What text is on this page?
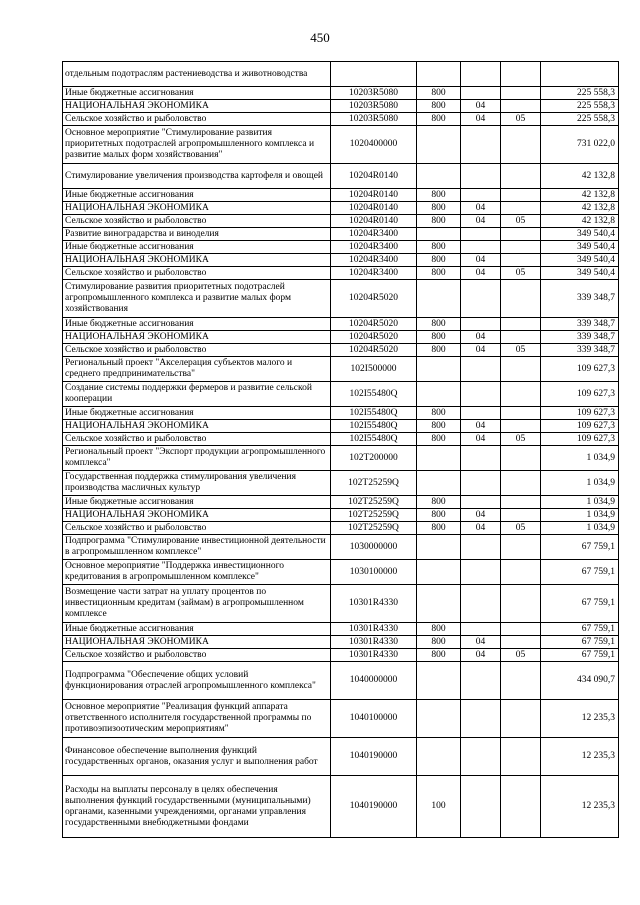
450
отдельным подотраслям растениеводства и животноводства					
Иные бюджетные ассигнования	10203R5080	800			225 558,3
НАЦИОНАЛЬНАЯ ЭКОНОМИКА	10203R5080	800	04		225 558,3
Сельское хозяйство и рыболовство	10203R5080	800	04	05	225 558,3
Основное мероприятие "Стимулирование развития приоритетных подотраслей агропромышленного комплекса и развитие малых форм хозяйствования"	1020400000				731 022,0
Стимулирование увеличения производства картофеля и овощей	10204R0140				42 132,8
Иные бюджетные ассигнования	10204R0140	800			42 132,8
НАЦИОНАЛЬНАЯ ЭКОНОМИКА	10204R0140	800	04		42 132,8
Сельское хозяйство и рыболовство	10204R0140	800	04	05	42 132,8
Развитие виноградарства и виноделия	10204R3400				349 540,4
Иные бюджетные ассигнования	10204R3400	800			349 540,4
НАЦИОНАЛЬНАЯ ЭКОНОМИКА	10204R3400	800	04		349 540,4
Сельское хозяйство и рыболовство	10204R3400	800	04	05	349 540,4
Стимулирование развития приоритетных подотраслей агропромышленного комплекса и развитие малых форм хозяйствования	10204R5020				339 348,7
Иные бюджетные ассигнования	10204R5020	800			339 348,7
НАЦИОНАЛЬНАЯ ЭКОНОМИКА	10204R5020	800	04		339 348,7
Сельское хозяйство и рыболовство	10204R5020	800	04	05	339 348,7
Региональный проект "Акселерация субъектов малого и среднего предпринимательства"	102I500000				109 627,3
Создание системы поддержки фермеров и развитие сельской кооперации	102I55480Q				109 627,3
Иные бюджетные ассигнования	102I55480Q	800			109 627,3
НАЦИОНАЛЬНАЯ ЭКОНОМИКА	102I55480Q	800	04		109 627,3
Сельское хозяйство и рыболовство	102I55480Q	800	04	05	109 627,3
Региональный проект "Экспорт продукции агропромышленного комплекса"	102T200000				1 034,9
Государственная поддержка стимулирования увеличения производства масличных культур	102T25259Q				1 034,9
Иные бюджетные ассигнования	102T25259Q	800			1 034,9
НАЦИОНАЛЬНАЯ ЭКОНОМИКА	102T25259Q	800	04		1 034,9
Сельское хозяйство и рыболовство	102T25259Q	800	04	05	1 034,9
Подпрограмма "Стимулирование инвестиционной деятельности в агропромышленном комплексе"	1030000000				67 759,1
Основное мероприятие "Поддержка инвестиционного кредитования в агропромышленном комплексе"	1030100000				67 759,1
Возмещение части затрат на уплату процентов по инвестиционным кредитам (займам) в агропромышленном комплексе	10301R4330				67 759,1
Иные бюджетные ассигнования	10301R4330	800			67 759,1
НАЦИОНАЛЬНАЯ ЭКОНОМИКА	10301R4330	800	04		67 759,1
Сельское хозяйство и рыболовство	10301R4330	800	04	05	67 759,1
Подпрограмма "Обеспечение общих условий функционирования отраслей агропромышленного комплекса"	1040000000				434 090,7
Основное мероприятие "Реализация функций аппарата ответственного исполнителя государственной программы по противоэпизоотическим мероприятиям"	1040100000				12 235,3
Финансовое обеспечение выполнения функций государственных органов, оказания услуг и выполнения работ	1040190000				12 235,3
Расходы на выплаты персоналу в целях обеспечения выполнения функций государственными (муниципальными) органами, казенными учреждениями, органами управления государственными внебюджетными фондами	1040190000	100			12 235,3
